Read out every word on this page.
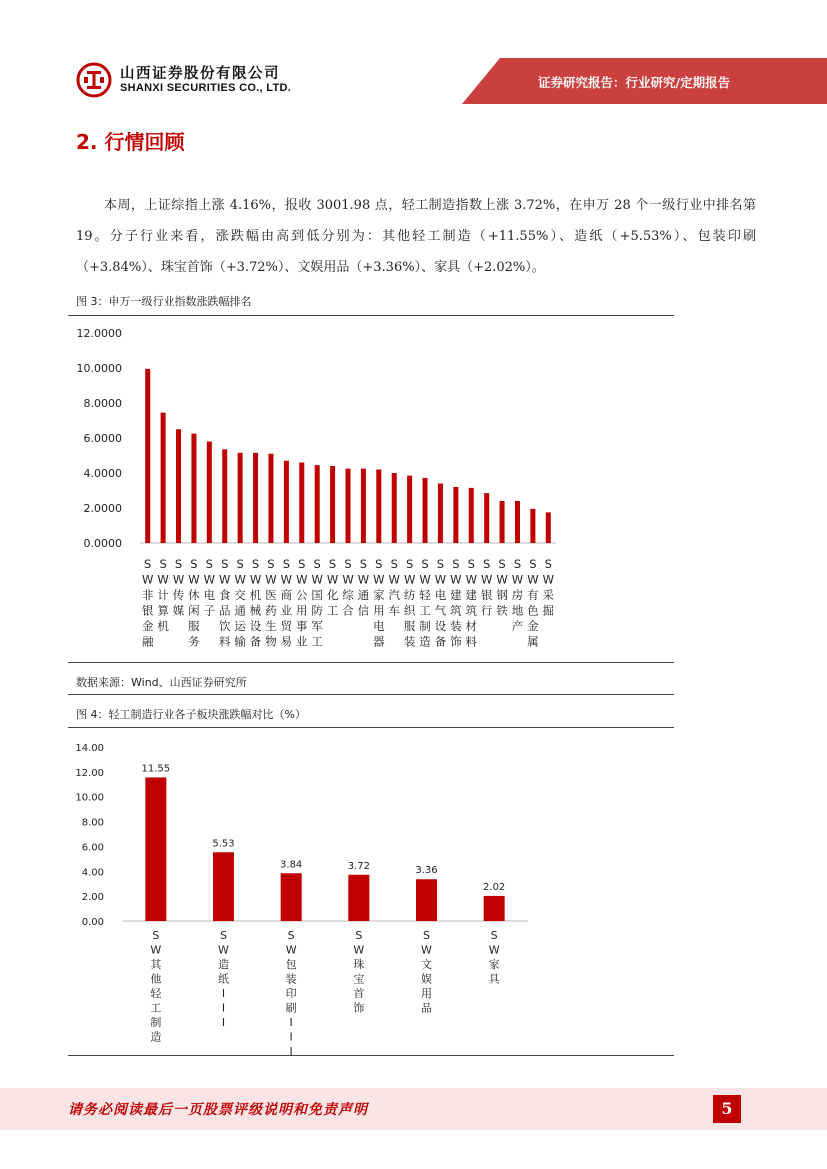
山西证券股份有限公司
SHANXI SECURITIES CO., LTD.	证券研究报告：行业研究/定期报告
2. 行情回顾
本周，上证综指上涨 4.16%，报收 3001.98 点，轻工制造指数上涨 3.72%，在申万 28 个一级行业中排名第 19。分子行业来看，涨跌幅由高到低分别为：其他轻工制造（+11.55%）、造纸（+5.53%）、包装印刷（+3.84%）、珠宝首饰（+3.72%）、文娱用品（+3.36%）、家具（+2.02%）。
图 3：申万一级行业指数涨跌幅排名
0.0000
2.0000
4.0000
6.0000
8.0000
10.0000
12.0000
S
W
非
银
金
融
S
W
计
算
机
S
W
传
媒
S
W
休
闲
服
务
S
W
电
子
S
W
食
品
饮
料
S
W
交
通
运
输
S
W
机
械
设
备
S
W
医
药
生
物
S
W
商
业
贸
易
S
W
公
用
事
业
S
W
国
防
军
工
S
W
化
工
S
W
综
合
S
W
通
信
S
W
家
用
电
器
S
W
汽
车
S
W
纺
织
服
装
S
W
轻
工
制
造
S
W
电
气
设
备
S
W
建
筑
装
饰
S
W
建
筑
材
料
S
W
银
行
S
W
钢
铁
S
W
房
地
产
S
W
有
色
金
属
S
W
采
掘
数据来源：Wind、山西证券研究所
图 4：轻工制造行业各子板块涨跌幅对比（%）
0.00
2.00
4.00
6.00
8.00
10.00
12.00
14.00
11.55
S
W
其
他
轻
工
制
造
5.53
S
W
造
纸
I
I
I
3.84
S
W
包
装
印
刷
I
I
I
3.72
S
W
珠
宝
首
饰
3.36
S
W
文
娱
用
品
2.02
S
W
家
具
请务必阅读最后一页股票评级说明和免责声明	5
